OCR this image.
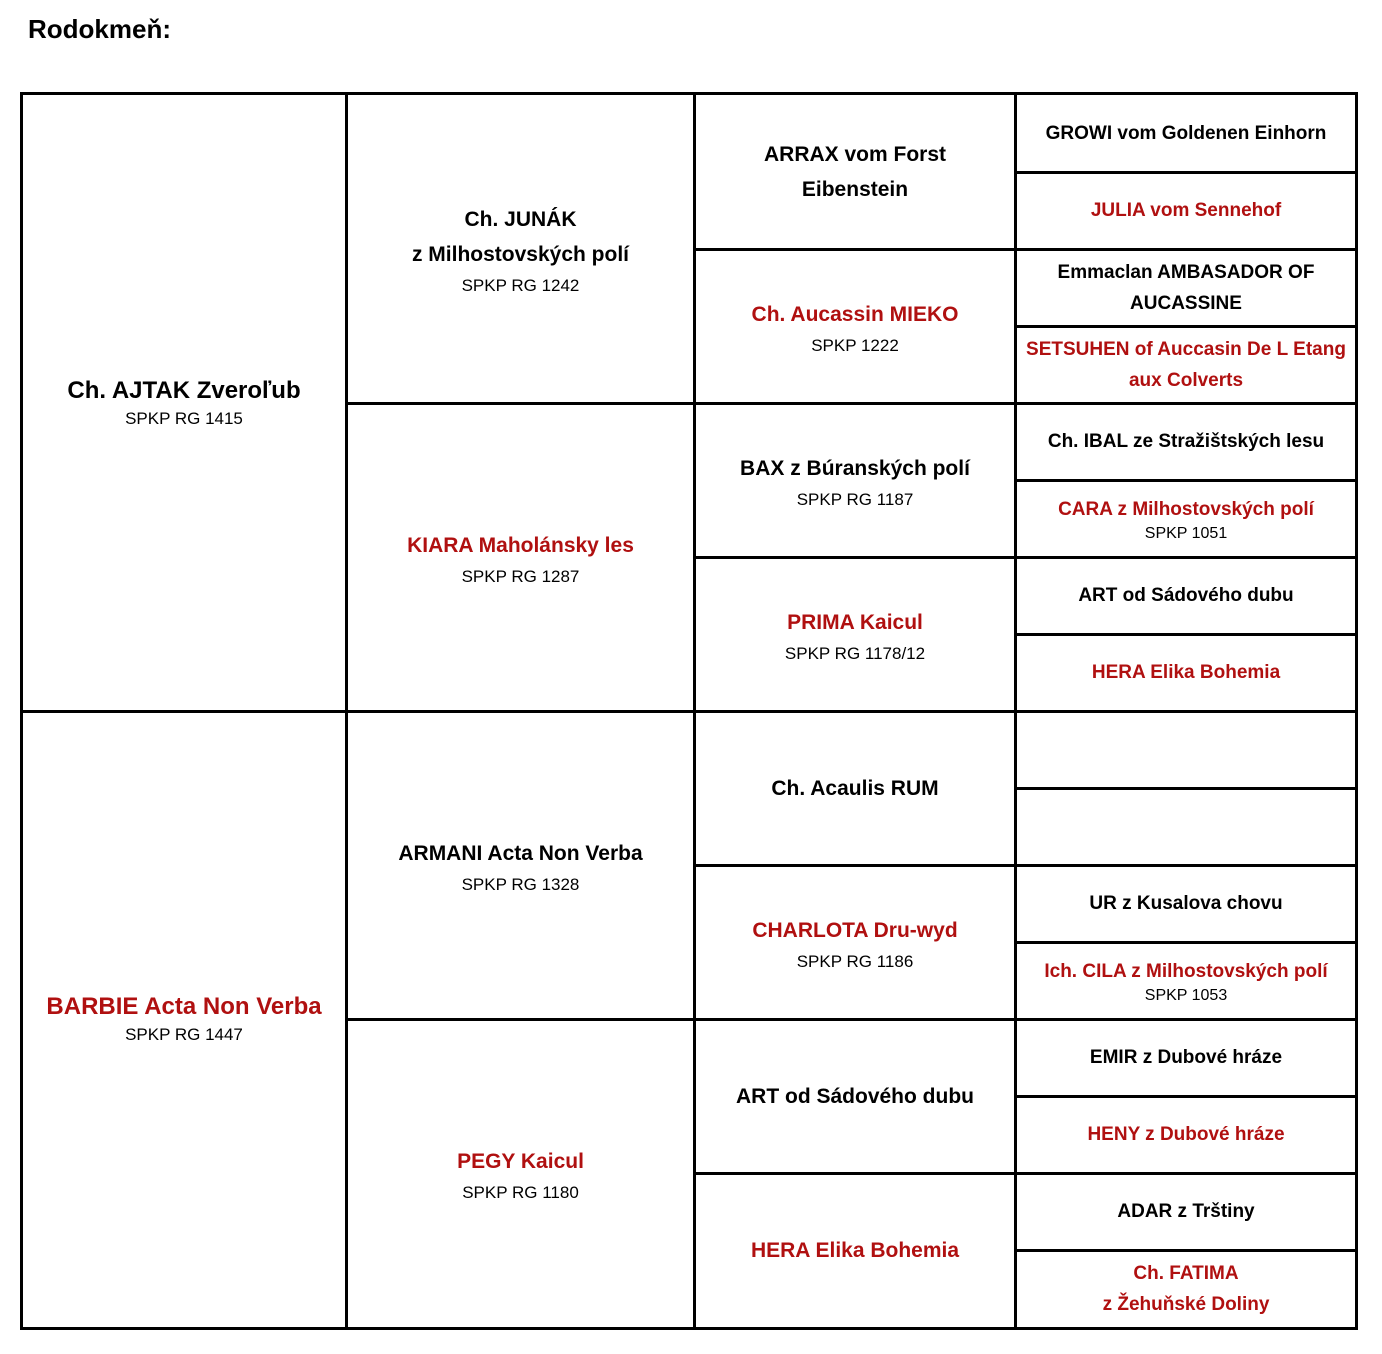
Rodokmeň:
Ch. AJTAK Zveroľub
SPKP RG 1415
BARBIE Acta Non Verba
SPKP RG 1447
Ch. JUNÁK
z Milhostovských polí
SPKP RG 1242
KIARA Maholánsky les
SPKP RG 1287
ARMANI Acta Non Verba
SPKP RG 1328
PEGY Kaicul
SPKP RG 1180
ARRAX vom Forst
Eibenstein
Ch. Aucassin MIEKO
SPKP 1222
BAX z Búranských polí
SPKP RG 1187
PRIMA Kaicul
SPKP RG 1178/12
Ch. Acaulis RUM
CHARLOTA Dru-wyd
SPKP RG 1186
ART od Sádového dubu
HERA Elika Bohemia
GROWI vom Goldenen Einhorn
JULIA vom Sennehof
Emmaclan AMBASADOR OF
AUCASSINE
SETSUHEN of Auccasin De L Etang
aux Colverts
Ch. IBAL ze Stražištských lesu
CARA z Milhostovských polí
SPKP 1051
ART od Sádového dubu
HERA Elika Bohemia
UR z Kusalova chovu
Ich. CILA z Milhostovských polí
SPKP 1053
EMIR z Dubové hráze
HENY z Dubové hráze
ADAR z Trštiny
Ch. FATIMA
z Žehuňské Doliny
